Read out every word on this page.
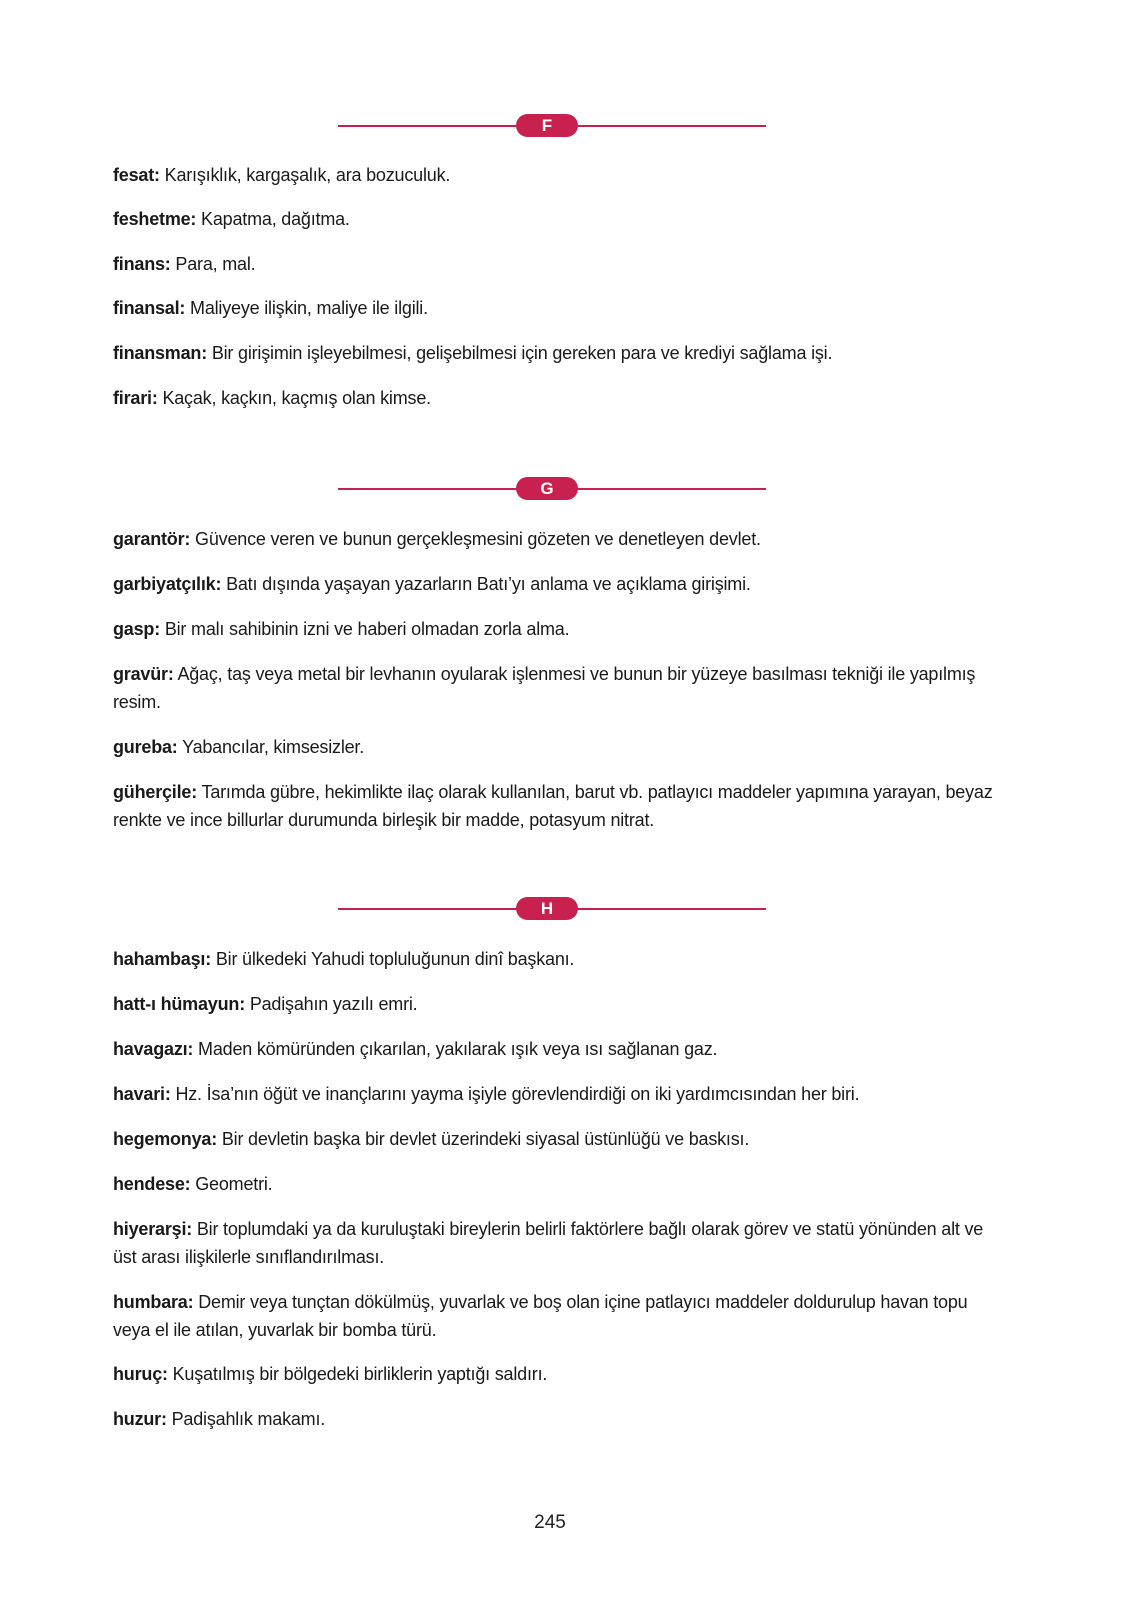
F
fesat: Karışıklık, kargaşalık, ara bozuculuk.
feshetme: Kapatma, dağıtma.
finans: Para, mal.
finansal: Maliyeye ilişkin, maliye ile ilgili.
finansman: Bir girişimin işleyebilmesi, gelişebilmesi için gereken para ve krediyi sağlama işi.
firari: Kaçak, kaçkın, kaçmış olan kimse.
G
garantör: Güvence veren ve bunun gerçekleşmesini gözeten ve denetleyen devlet.
garbiyatçılık: Batı dışında yaşayan yazarların Batı’yı anlama ve açıklama girişimi.
gasp: Bir malı sahibinin izni ve haberi olmadan zorla alma.
gravür: Ağaç, taş veya metal bir levhanın oyularak işlenmesi ve bunun bir yüzeye basılması tekniği ile yapılmış resim.
gureba: Yabancılar, kimsesizler.
güherçile: Tarımda gübre, hekimlikte ilaç olarak kullanılan, barut vb. patlayıcı maddeler yapımına yarayan, beyaz renkte ve ince billurlar durumunda birleşik bir madde, potasyum nitrat.
H
hahambaşı: Bir ülkedeki Yahudi topluluğunun dinî başkanı.
hatt-ı hümayun: Padişahın yazılı emri.
havagazı: Maden kömüründen çıkarılan, yakılarak ışık veya ısı sağlanan gaz.
havari: Hz. İsa’nın öğüt ve inançlarını yayma işiyle görevlendirdiği on iki yardımcısından her biri.
hegemonya: Bir devletin başka bir devlet üzerindeki siyasal üstünlüğü ve baskısı.
hendese: Geometri.
hiyerarşi: Bir toplumdaki ya da kuruluştaki bireylerin belirli faktörlere bağlı olarak görev ve statü yönünden alt ve üst arası ilişkilerle sınıflandırılması.
humbara: Demir veya tunçtan dökülmüş, yuvarlak ve boş olan içine patlayıcı maddeler doldurulup havan topu veya el ile atılan, yuvarlak bir bomba türü.
huruç: Kuşatılmış bir bölgedeki birliklerin yaptığı saldırı.
huzur: Padişahlık makamı.
245
